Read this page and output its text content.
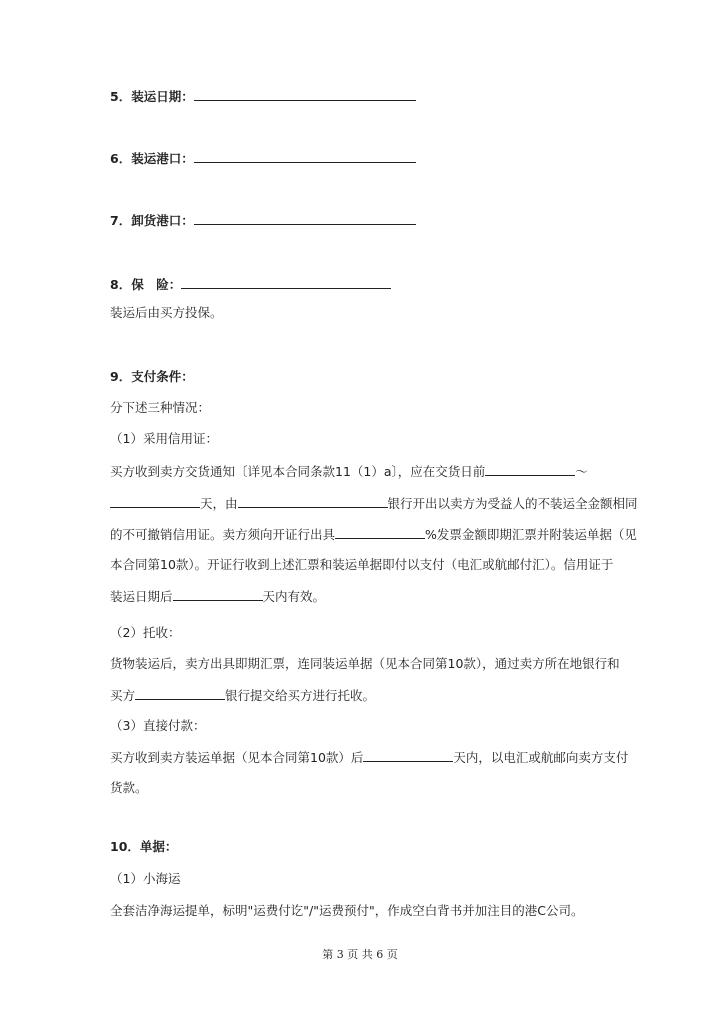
5．装运日期：
6．装运港口：
7．卸货港口：
8．保　险：
装运后由买方投保。
9．支付条件：
分下述三种情况：
（1）采用信用证：
买方收到卖方交货通知〔详见本合同条款11（1）a〕，应在交货日前	～
天，由	银行开出以卖方为受益人的不装运全金额相同
的不可撤销信用证。卖方须向开证行出具	%发票金额即期汇票并附装运单据（见
本合同第10款）。开证行收到上述汇票和装运单据即付以支付（电汇或航邮付汇）。信用证于
装运日期后	天内有效。
（2）托收：
货物装运后，卖方出具即期汇票，连同装运单据（见本合同第10款），通过卖方所在地银行和
买方	银行提交给买方进行托收。
（3）直接付款：
买方收到卖方装运单据（见本合同第10款）后	天内，以电汇或航邮向卖方支付
货款。
10．单据：
（1）小海运
全套洁净海运提单，标明"运费付讫"/"运费预付"，作成空白背书并加注目的港C公司。
第 3 页 共 6 页
